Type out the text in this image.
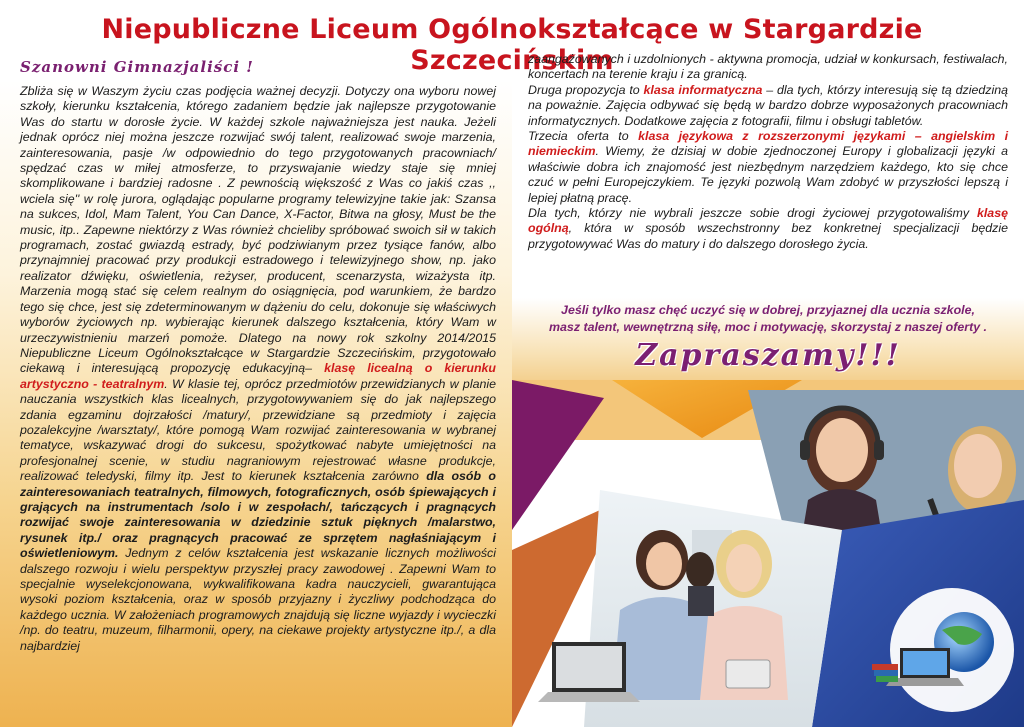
Niepubliczne Liceum Ogólnokształcące w Stargardzie Szczecińskim
Szanowni Gimnazjaliści !

Zbliża się w Waszym życiu czas podjęcia ważnej decyzji. Dotyczy ona wyboru nowej szkoły, kierunku kształcenia, którego zadaniem będzie jak najlepsze przygotowanie Was do startu w dorosłe życie. W każdej szkole najważniejsza jest nauka. Jeżeli jednak oprócz niej można jeszcze rozwijać swój talent, realizować swoje marzenia, zainteresowania, pasje /w odpowiednio do tego przygotowanych pracowniach/ spędzać czas w miłej atmosferze, to przyswajanie wiedzy staje się mniej skomplikowane i bardziej radosne . Z pewnością większość z Was co jakiś czas ,, wciela się'' w rolę jurora, oglądając popularne programy telewizyjne takie jak: Szansa na sukces, Idol, Mam Talent, You Can Dance, X-Factor, Bitwa na głosy, Must be the music, itp.. Zapewne niektórzy z Was również chcieliby spróbować swoich sił w takich programach, zostać gwiazdą estrady, być podziwianym przez tysiące fanów, albo przynajmniej pracować przy produkcji estradowego i telewizyjnego show, np. jako realizator dźwięku, oświetlenia, reżyser, producent, scenarzysta, wizażysta itp. Marzenia mogą stać się celem realnym do osiągnięcia, pod warunkiem, że bardzo tego się chce, jest się zdeterminowanym w dążeniu do celu, dokonuje się właściwych wyborów życiowych np. wybierając kierunek dalszego kształcenia, który Wam w urzeczywistnieniu marzeń pomoże. Dlatego na nowy rok szkolny 2014/2015 Niepubliczne Liceum Ogólnokształcące w Stargardzie Szczecińskim, przygotowało ciekawą i interesującą propozycję edukacyjną– klasę licealną o kierunku artystyczno - teatralnym. W klasie tej, oprócz przedmiotów przewidzianych w planie nauczania wszystkich klas licealnych, przygotowywaniem się do jak najlepszego zdania egzaminu dojrzałości /matury/, przewidziane są przedmioty i zajęcia pozalekcyjne /warsztaty/, które pomogą Wam rozwijać zainteresowania w wybranej tematyce, wskazywać drogi do sukcesu, spożytkować nabyte umiejętności na profesjonalnej scenie, w studiu nagraniowym rejestrować własne produkcje, realizować teledyski, filmy itp. Jest to kierunek kształcenia zarówno dla osób o zainteresowaniach teatralnych, filmowych, fotograficznych, osób śpiewających i grających na instrumentach /solo i w zespołach/, tańczących i pragnących rozwijać swoje zainteresowania w dziedzinie sztuk pięknych /malarstwo, rysunek itp./ oraz pragnących pracować ze sprzętem nagłaśniającym i oświetleniowym. Jednym z celów kształcenia jest wskazanie licznych możliwości dalszego rozwoju i wielu perspektyw przyszłej pracy zawodowej . Zapewni Wam to specjalnie wyselekcjonowana, wykwalifikowana kadra nauczycieli, gwarantująca wysoki poziom kształcenia, oraz w sposób przyjazny i życzliwy podchodząca do każdego ucznia. W założeniach programowych znajdują się liczne wyjazdy i wycieczki /np. do teatru, muzeum, filharmonii, opery, na ciekawe projekty artystyczne itp./, a dla najbardziej

zaangażowanych i uzdolnionych - aktywna promocja, udział w konkursach, festiwalach, koncertach na terenie kraju i za granicą.

Druga propozycja to klasa informatyczna – dla tych, którzy interesują się tą dziedziną na poważnie. Zajęcia odbywać się będą w bardzo dobrze wyposażonych pracowniach informatycznych. Dodatkowe zajęcia z fotografii, filmu i obsługi tabletów.

Trzecia oferta to klasa językowa z rozszerzonymi językami – angielskim i niemieckim. Wiemy, że dzisiaj w dobie zjednoczonej Europy i globalizacji języki a właściwie dobra ich znajomość jest niezbędnym narzędziem każdego, kto się chce czuć w pełni Europejczykiem. Te języki pozwolą Wam zdobyć w przyszłości lepszą i lepiej płatną pracę.

Dla tych, którzy nie wybrali jeszcze sobie drogi życiowej przygotowaliśmy klasę ogólną, która w sposób wszechstronny bez konkretnej specjalizacji będzie przygotowywać Was do matury i do dalszego dorosłego życia.

Jeśli tylko masz chęć uczyć się w dobrej, przyjaznej dla ucznia szkole,

masz talent, wewnętrzną siłę, moc i motywację, skorzystaj z naszej oferty .

Zapraszamy!!!
